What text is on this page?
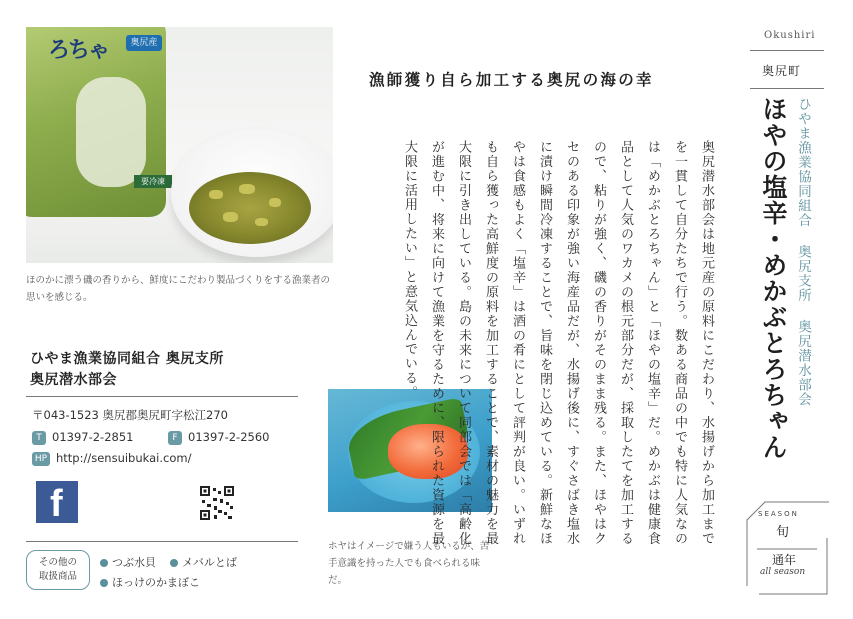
ろちゃ	奥尻産
要冷凍
ほのかに漂う磯の香りから、鮮度にこだわり製品づくりをする漁業者の思いを感じる。
ひやま漁業協同組合 奥尻支所
奥尻潜水部会
〒043-1523 奥尻郡奥尻町字松江270
T 01397-2-2851	F 01397-2-2560
HP http://sensuibukai.com/
f
その他の
取扱商品
つぶ水貝	メバルとば
ほっけのかまぼこ
ホヤはイメージで嫌う人もいるが、苦手意識を持った人でも食べられる味だ。
漁師獲り自ら加工する奥尻の海の幸
奥尻潜水部会は地元産の原料にこだわり、水揚げから加工までを一貫して自分たちで行う。数ある商品の中でも特に人気なのは「めかぶとろちゃん」と「ほやの塩辛」だ。めかぶは健康食品として人気のワカメの根元部分だが、採取したてを加工するので、粘りが強く、磯の香りがそのまま残る。また、ほやはクセのある印象が強い海産品だが、水揚げ後に、すぐさばき塩水に漬け瞬間冷凍することで、旨味を閉じ込めている。新鮮なほやは食感もよく「塩辛」は酒の肴にとして評判が良い。いずれも自ら獲った高鮮度の原料を加工することで、素材の魅力を最大限に引き出している。島の未来について同部会では「高齢化が進む中、将来に向けて漁業を守るために、限られた資源を最大限に活用したい」と意気込んでいる。
Okushiri
奥尻町
ほやの塩辛・めかぶとろちゃん ひやま漁業協同組合 奥尻支所 奥尻潜水部会
SEASON
旬
通年
all season
